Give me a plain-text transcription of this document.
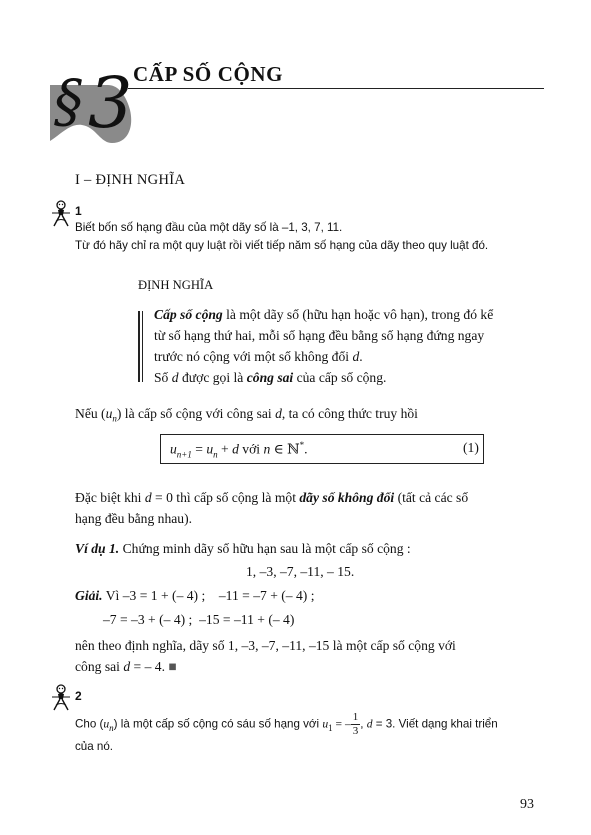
§ 3 CẤP SỐ CỘNG
I – ĐỊNH NGHĨA
1
Biết bốn số hạng đầu của một dãy số là –1, 3, 7, 11.
Từ đó hãy chỉ ra một quy luật rồi viết tiếp năm số hạng của dãy theo quy luật đó.
ĐỊNH NGHĨA
Cấp số cộng là một dãy số (hữu hạn hoặc vô hạn), trong đó kể
từ số hạng thứ hai, mỗi số hạng đều bằng số hạng đứng ngay
trước nó cộng với một số không đổi d.
Số d được gọi là công sai của cấp số cộng.
Nếu $(u_n)$ là cấp số cộng với công sai d, ta có công thức truy hồi
$u_{n+1} = u_n + d$ với n ∈ ℕ*.	(1)
Đặc biệt khi d = 0 thì cấp số cộng là một dãy số không đổi (tất cả các số
hạng đều bằng nhau).
Ví dụ 1. Chứng minh dãy số hữu hạn sau là một cấp số cộng :
1, –3, –7, –11, – 15.
Giải. Vì –3 = 1 + (– 4) ;    –11 = –7 + (– 4) ;
–7 = –3 + (– 4) ;  –15 = –11 + (– 4)
nên theo định nghĩa, dãy số 1, –3, –7, –11, –15 là một cấp số cộng với
công sai d = – 4. ■
2
Cho $(u_n)$ là một cấp số cộng có sáu số hạng với $u_1$ = – $\frac{1}{3}$ , d = 3. Viết dạng khai triển
của nó.
93
